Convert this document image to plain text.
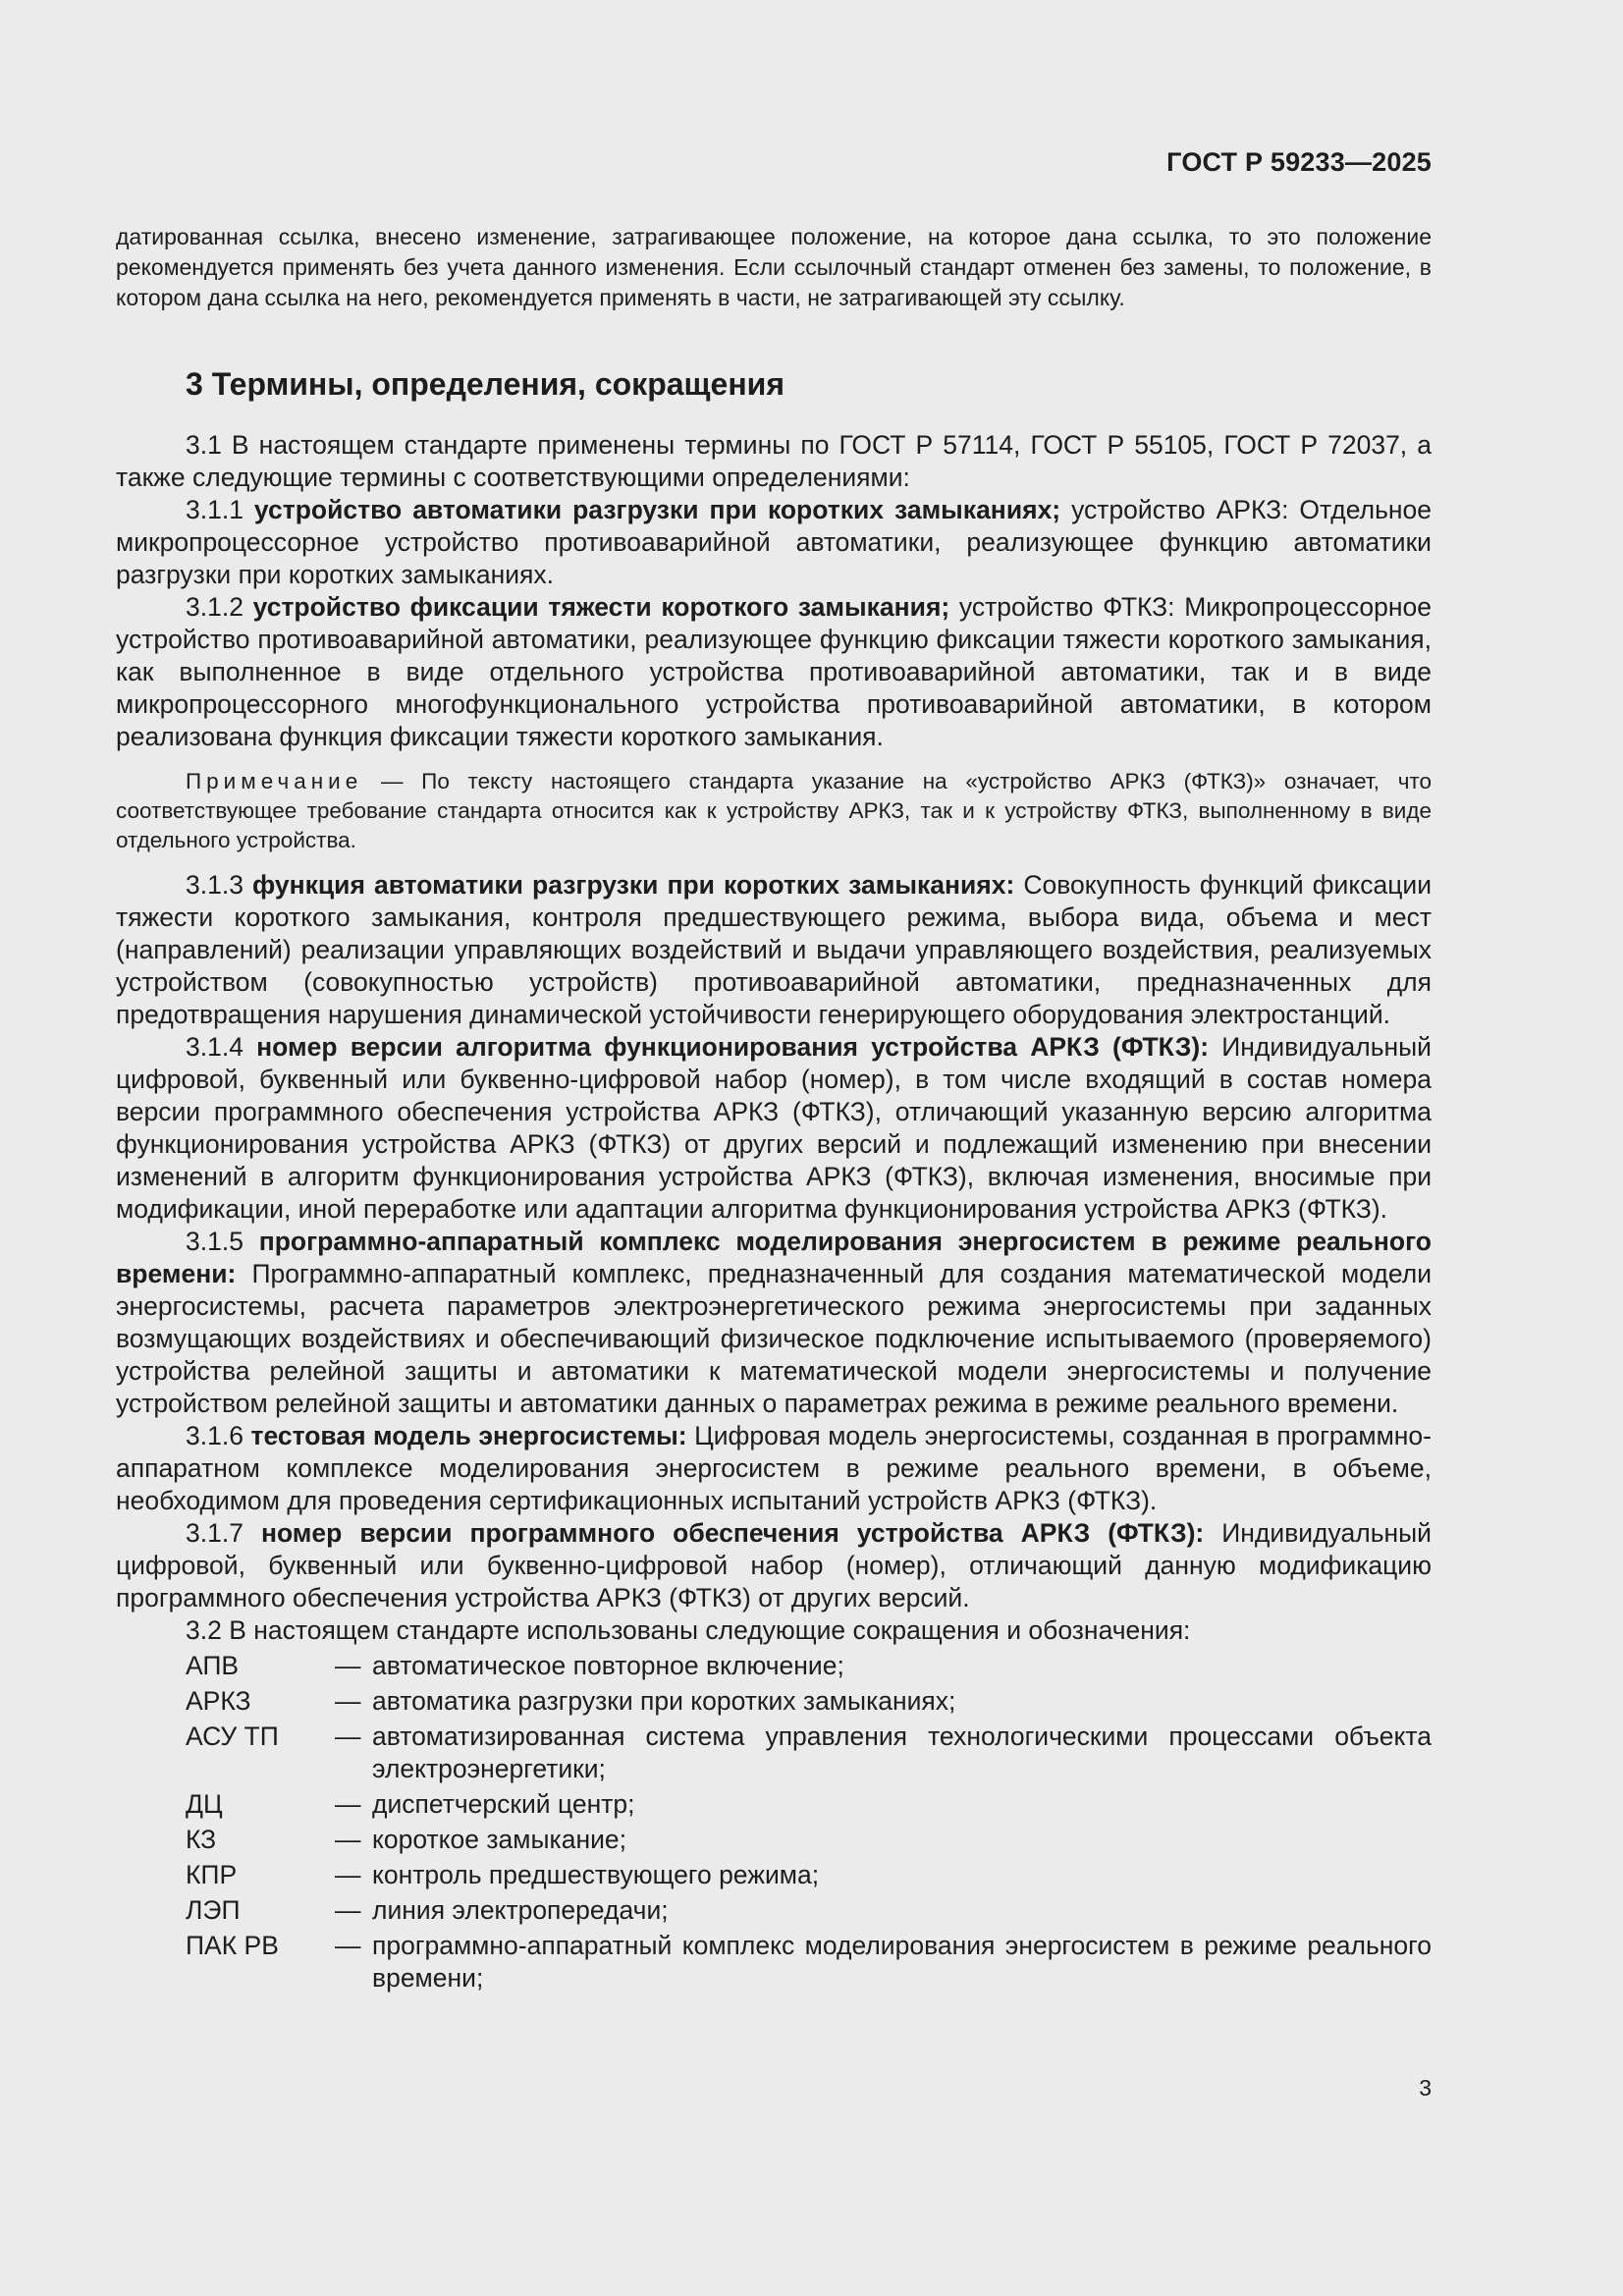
ГОСТ Р 59233—2025

датированная ссылка, внесено изменение, затрагивающее положение, на которое дана ссылка, то это положение рекомендуется применять без учета данного изменения. Если ссылочный стандарт отменен без замены, то положение, в котором дана ссылка на него, рекомендуется применять в части, не затрагивающей эту ссылку.

3 Термины, определения, сокращения

3.1 В настоящем стандарте применены термины по ГОСТ Р 57114, ГОСТ Р 55105, ГОСТ Р 72037, а также следующие термины с соответствующими определениями:

3.1.1 устройство автоматики разгрузки при коротких замыканиях; устройство АРКЗ: Отдельное микропроцессорное устройство противоаварийной автоматики, реализующее функцию автоматики разгрузки при коротких замыканиях.

3.1.2 устройство фиксации тяжести короткого замыкания; устройство ФТКЗ: Микропроцессорное устройство противоаварийной автоматики, реализующее функцию фиксации тяжести короткого замыкания, как выполненное в виде отдельного устройства противоаварийной автоматики, так и в виде микропроцессорного многофункционального устройства противоаварийной автоматики, в котором реализована функция фиксации тяжести короткого замыкания.

Примечание — По тексту настоящего стандарта указание на «устройство АРКЗ (ФТКЗ)» означает, что соответствующее требование стандарта относится как к устройству АРКЗ, так и к устройству ФТКЗ, выполненному в виде отдельного устройства.

3.1.3 функция автоматики разгрузки при коротких замыканиях: Совокупность функций фиксации тяжести короткого замыкания, контроля предшествующего режима, выбора вида, объема и мест (направлений) реализации управляющих воздействий и выдачи управляющего воздействия, реализуемых устройством (совокупностью устройств) противоаварийной автоматики, предназначенных для предотвращения нарушения динамической устойчивости генерирующего оборудования электростанций.

3.1.4 номер версии алгоритма функционирования устройства АРКЗ (ФТКЗ): Индивидуальный цифровой, буквенный или буквенно-цифровой набор (номер), в том числе входящий в состав номера версии программного обеспечения устройства АРКЗ (ФТКЗ), отличающий указанную версию алгоритма функционирования устройства АРКЗ (ФТКЗ) от других версий и подлежащий изменению при внесении изменений в алгоритм функционирования устройства АРКЗ (ФТКЗ), включая изменения, вносимые при модификации, иной переработке или адаптации алгоритма функционирования устройства АРКЗ (ФТКЗ).

3.1.5 программно-аппаратный комплекс моделирования энергосистем в режиме реального времени: Программно-аппаратный комплекс, предназначенный для создания математической модели энергосистемы, расчета параметров электроэнергетического режима энергосистемы при заданных возмущающих воздействиях и обеспечивающий физическое подключение испытываемого (проверяемого) устройства релейной защиты и автоматики к математической модели энергосистемы и получение устройством релейной защиты и автоматики данных о параметрах режима в режиме реального времени.

3.1.6 тестовая модель энергосистемы: Цифровая модель энергосистемы, созданная в программно-аппаратном комплексе моделирования энергосистем в режиме реального времени, в объеме, необходимом для проведения сертификационных испытаний устройств АРКЗ (ФТКЗ).

3.1.7 номер версии программного обеспечения устройства АРКЗ (ФТКЗ): Индивидуальный цифровой, буквенный или буквенно-цифровой набор (номер), отличающий данную модификацию программного обеспечения устройства АРКЗ (ФТКЗ) от других версий.

3.2 В настоящем стандарте использованы следующие сокращения и обозначения:

АПВ	— автоматическое повторное включение;
АРКЗ	— автоматика разгрузки при коротких замыканиях;
АСУ ТП	— автоматизированная система управления технологическими процессами объекта электроэнергетики;
ДЦ	— диспетчерский центр;
КЗ	— короткое замыкание;
КПР	— контроль предшествующего режима;
ЛЭП	— линия электропередачи;
ПАК РВ	— программно-аппаратный комплекс моделирования энергосистем в режиме реального времени;
3
